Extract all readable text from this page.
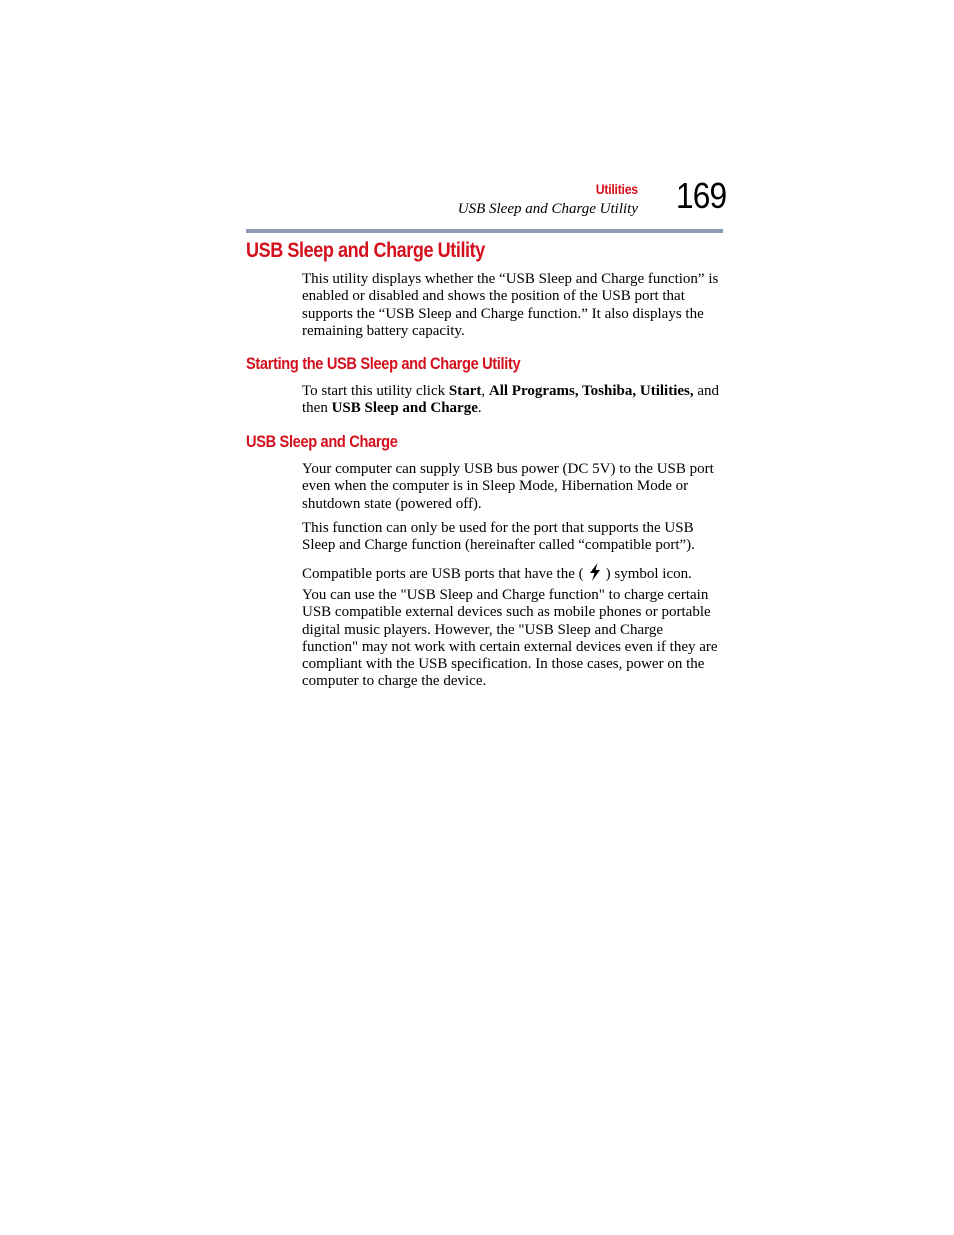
Utilities
USB Sleep and Charge Utility 169
USB Sleep and Charge Utility

This utility displays whether the “USB Sleep and Charge function” is enabled or disabled and shows the position of the USB port that supports the “USB Sleep and Charge function.” It also displays the remaining battery capacity.

Starting the USB Sleep and Charge Utility

To start this utility click Start, All Programs, Toshiba, Utilities, and then USB Sleep and Charge.

USB Sleep and Charge

Your computer can supply USB bus power (DC 5V) to the USB port even when the computer is in Sleep Mode, Hibernation Mode or shutdown state (powered off).

This function can only be used for the port that supports the USB Sleep and Charge function (hereinafter called “compatible port”).

Compatible ports are USB ports that have the ( ) symbol icon.

You can use the "USB Sleep and Charge function" to charge certain USB compatible external devices such as mobile phones or portable digital music players. However, the "USB Sleep and Charge function" may not work with certain external devices even if they are compliant with the USB specification. In those cases, power on the computer to charge the device.
